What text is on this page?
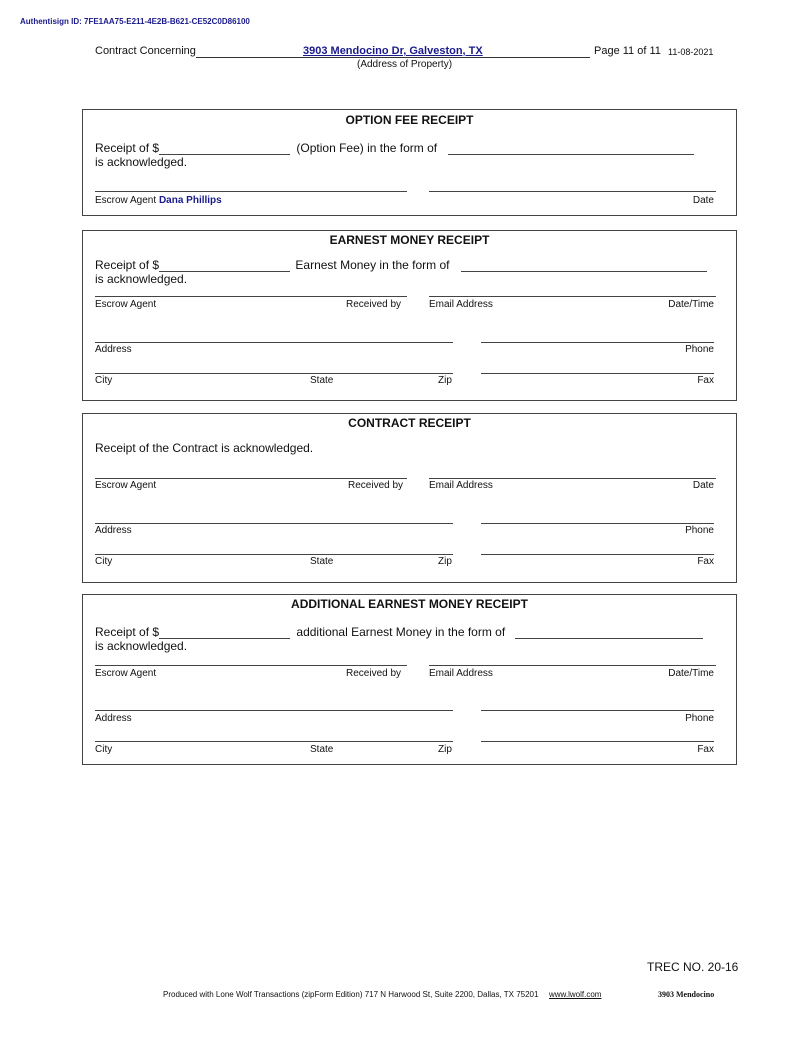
Authentisign ID: 7FE1AA75-E211-4E2B-B621-CE52C0D86100
Contract Concerning	3903 Mendocino Dr, Galveston, TX
(Address of Property)
Page 11 of 11 11-08-2021
OPTION FEE RECEIPT
Receipt of $	(Option Fee) in the form of
is acknowledged.
Escrow Agent Dana Phillips	Date
EARNEST MONEY RECEIPT
Receipt of $	Earnest Money in the form of
is acknowledged.
Escrow Agent	Received by	Email Address	Date/Time
Address	Phone
City	State	Zip	Fax
CONTRACT RECEIPT
Receipt of the Contract is acknowledged.
Escrow Agent	Received by	Email Address	Date
Address	Phone
City	State	Zip	Fax
ADDITIONAL EARNEST MONEY RECEIPT
Receipt of $	additional Earnest Money in the form of
is acknowledged.
Escrow Agent	Received by	Email Address	Date/Time
Address	Phone
City	State	Zip	Fax
TREC NO. 20-16
Produced with Lone Wolf Transactions (zipForm Edition) 717 N Harwood St, Suite 2200, Dallas, TX 75201 www.lwolf.com	3903 Mendocino
